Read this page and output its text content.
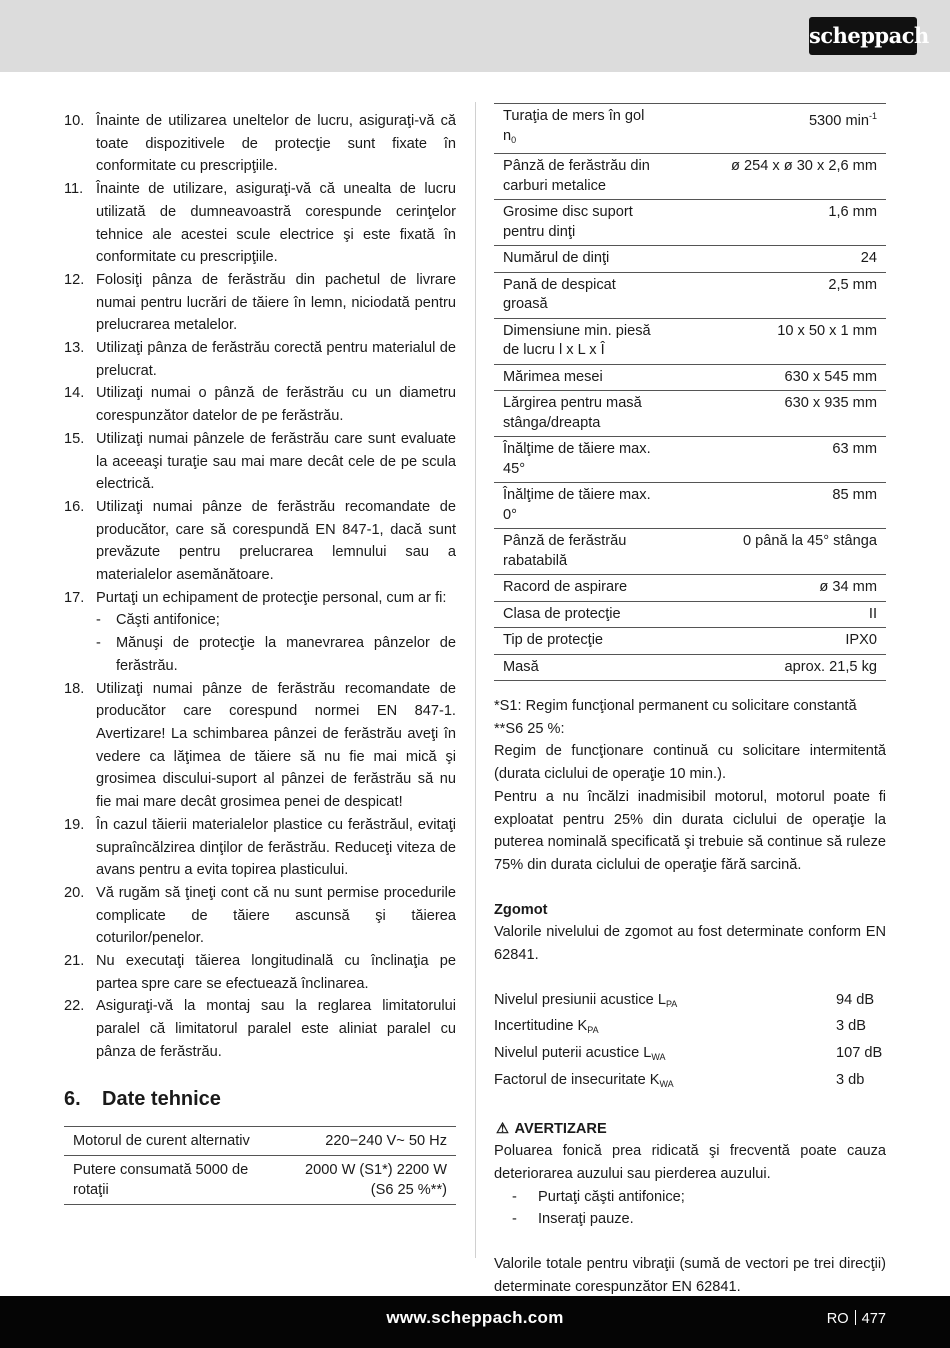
scheppach
10. Înainte de utilizarea uneltelor de lucru, asiguraţi-vă că toate dispozitivele de protecţie sunt fixate în conformitate cu prescripţiile.
11. Înainte de utilizare, asiguraţi-vă că unealta de lucru utilizată de dumneavoastră corespunde cerinţelor tehnice ale acestei scule electrice şi este fixată în conformitate cu prescripţiile.
12. Folosiţi pânza de ferăstrău din pachetul de livrare numai pentru lucrări de tăiere în lemn, niciodată pentru prelucrarea metalelor.
13. Utilizaţi pânza de ferăstrău corectă pentru materialul de prelucrat.
14. Utilizaţi numai o pânză de ferăstrău cu un diametru corespunzător datelor de pe ferăstrău.
15. Utilizaţi numai pânzele de ferăstrău care sunt evaluate la aceeaşi turaţie sau mai mare decât cele de pe scula electrică.
16. Utilizaţi numai pânze de ferăstrău recomandate de producător, care să corespundă EN 847-1, dacă sunt prevăzute pentru prelucrarea lemnului sau a materialelor asemănătoare.
17. Purtaţi un echipament de protecţie personal, cum ar fi:
- Căşti antifonice;
- Mănuşi de protecţie la manevrarea pânzelor de ferăstrău.
18. Utilizaţi numai pânze de ferăstrău recomandate de producător care corespund normei EN 847-1. Avertizare! La schimbarea pânzei de ferăstrău aveţi în vedere ca lăţimea de tăiere să nu fie mai mică şi grosimea discului-suport al pânzei de ferăstrău să nu fie mai mare decât grosimea penei de despicat!
19. În cazul tăierii materialelor plastice cu ferăstrăul, evitaţi supraîncălzirea dinţilor de ferăstrău. Reduceţi viteza de avans pentru a evita topirea plasticului.
20. Vă rugăm să ţineţi cont că nu sunt permise procedurile complicate de tăiere ascunsă şi tăierea coturilor/penelor.
21. Nu executaţi tăierea longitudinală cu înclinaţia pe partea spre care se efectuează înclinarea.
22. Asiguraţi-vă la montaj sau la reglarea limitatorului paralel că limitatorul paralel este aliniat paralel cu pânza de ferăstrău.
6. Date tehnice
Motorul de curent alternativ	220−240 V~ 50 Hz
Putere consumată 5000 de rotaţii	2000 W (S1*) 2200 W (S6 25 %**)
Turaţia de mers în gol $n_0$	5300 $\min^{-1}$
Pânză de ferăstrău din carburi metalice	ø 254 x ø 30 x 2,6 mm
Grosime disc suport pentru dinţi	1,6 mm
Numărul de dinţi	24
Pană de despicat groasă	2,5 mm
Dimensiune min. piesă de lucru l x L x Î	10 x 50 x 1 mm
Mărimea mesei	630 x 545 mm
Lărgirea pentru masă stânga/dreapta	630 x 935 mm
Înălţime de tăiere max. 45°	63 mm
Înălţime de tăiere max. 0°	85 mm
Pânză de ferăstrău rabatabilă	0 până la 45° stânga
Racord de aspirare	ø 34 mm
Clasa de protecţie	II
Tip de protecţie	IPX0
Masă	aprox. 21,5 kg
*S1: Regim funcţional permanent cu solicitare constantă
**S6 25 %:
Regim de funcţionare continuă cu solicitare intermitentă (durata ciclului de operaţie 10 min.).
Pentru a nu încălzi inadmisibil motorul, motorul poate fi exploatat pentru 25% din durata ciclului de operaţie la puterea nominală specificată şi trebuie să continue să ruleze 75% din durata ciclului de operaţie fără sarcină.
Zgomot
Valorile nivelului de zgomot au fost determinate conform EN 62841.
Nivelul presiunii acustice $L_{PA}$	94 dB
Incertitudine $K_{PA}$	3 dB
Nivelul puterii acustice $L_{WA}$	107 dB
Factorul de insecuritate $K_{WA}$	3 db
⚠ AVERTIZARE
Poluarea fonică prea ridicată şi frecventă poate cauza deteriorarea auzului sau pierderea auzului.
- Purtaţi căşti antifonice;
- Inseraţi pauze.
Valorile totale pentru vibraţii (sumă de vectori pe trei direcţii) determinate corespunzător EN 62841.
www.scheppach.com	RO 477
